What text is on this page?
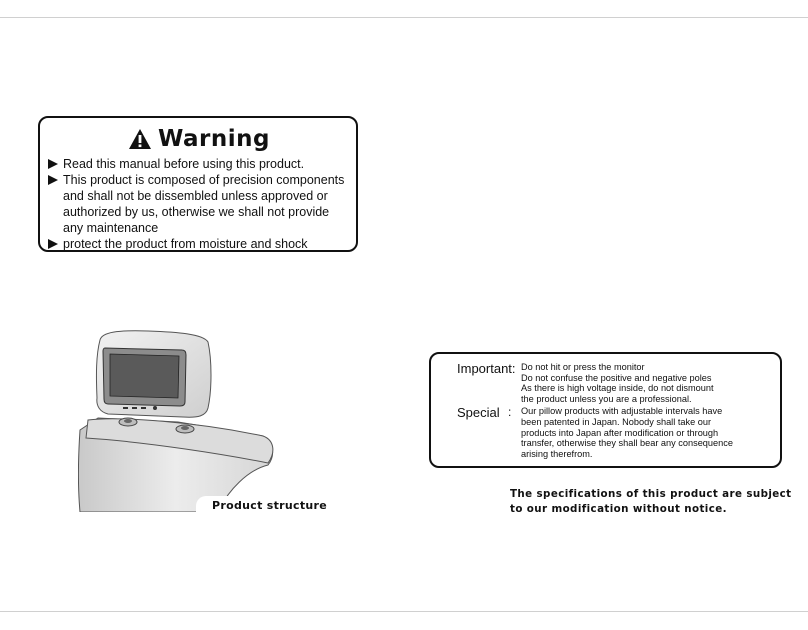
Warning
Read this manual before using this product.
This product is composed of precision components and shall not be dissembled unless approved or authorized by us, otherwise we shall not provide any maintenance
protect the product from moisture and shock
Product structure
Important: Do not hit or press the monitor
Do not confuse the positive and negative poles
As there is high voltage inside, do not dismount
the product unless you are a professional.
Special :	Our pillow products with adjustable intervals have
been patented in Japan. Nobody shall take our
products into Japan after modification or through
transfer, otherwise they shall bear any consequence
arising therefrom.
The specifications of this product are subject
to our modification without notice.
